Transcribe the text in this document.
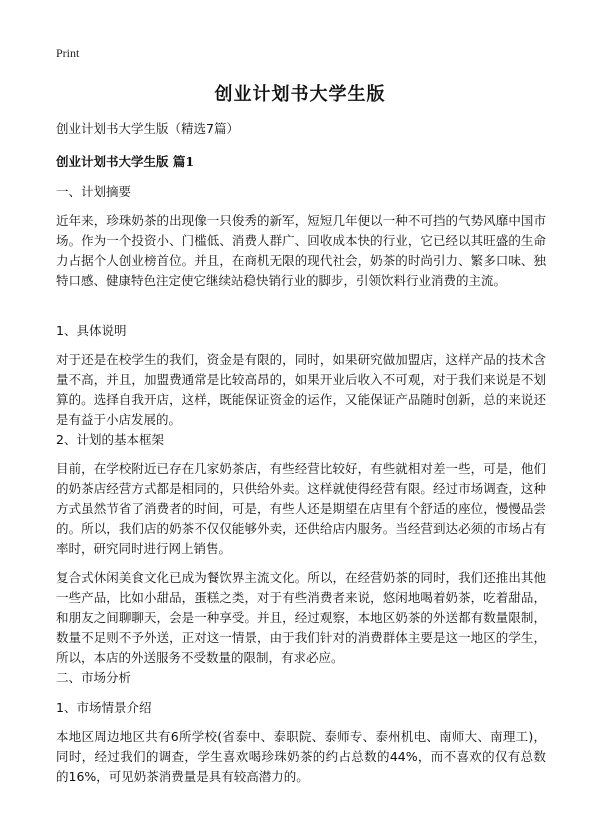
Print
创业计划书大学生版
创业计划书大学生版（精选7篇）
创业计划书大学生版 篇1
一、计划摘要
近年来，珍珠奶茶的出现像一只俊秀的新军，短短几年便以一种不可挡的气势风靡中国市场。作为一个投资小、门槛低、消费人群广、回收成本快的行业，它已经以其旺盛的生命力占据个人创业榜首位。并且，在商机无限的现代社会，奶茶的时尚引力、繁多口味、独特口感、健康特色注定使它继续站稳快销行业的脚步，引领饮料行业消费的主流。
1、具体说明
对于还是在校学生的我们，资金是有限的，同时，如果研究做加盟店，这样产品的技术含量不高，并且，加盟费通常是比较高昂的，如果开业后收入不可观，对于我们来说是不划算的。选择自我开店，这样，既能保证资金的运作，又能保证产品随时创新，总的来说还是有益于小店发展的。
2、计划的基本框架
目前，在学校附近已存在几家奶茶店，有些经营比较好，有些就相对差一些，可是，他们的奶茶店经营方式都是相同的，只供给外卖。这样就使得经营有限。经过市场调查，这种方式虽然节省了消费者的时间，可是，有些人还是期望在店里有个舒适的座位，慢慢品尝的。所以，我们店的奶茶不仅仅能够外卖，还供给店内服务。当经营到达必须的市场占有率时，研究同时进行网上销售。
复合式休闲美食文化已成为餐饮界主流文化。所以，在经营奶茶的同时，我们还推出其他一些产品，比如小甜品，蛋糕之类，对于有些消费者来说，悠闲地喝着奶茶，吃着甜品，和朋友之间聊聊天，会是一种享受。并且，经过观察，本地区奶茶的外送都有数量限制，数量不足则不予外送，正对这一情景，由于我们针对的消费群体主要是这一地区的学生，所以，本店的外送服务不受数量的限制，有求必应。
二、市场分析
1、市场情景介绍
本地区周边地区共有6所学校(省泰中、泰职院、泰师专、泰州机电、南师大、南理工)，同时，经过我们的调查，学生喜欢喝珍珠奶茶的约占总数的44%，而不喜欢的仅有总数的16%，可见奶茶消费量是具有较高潜力的。
